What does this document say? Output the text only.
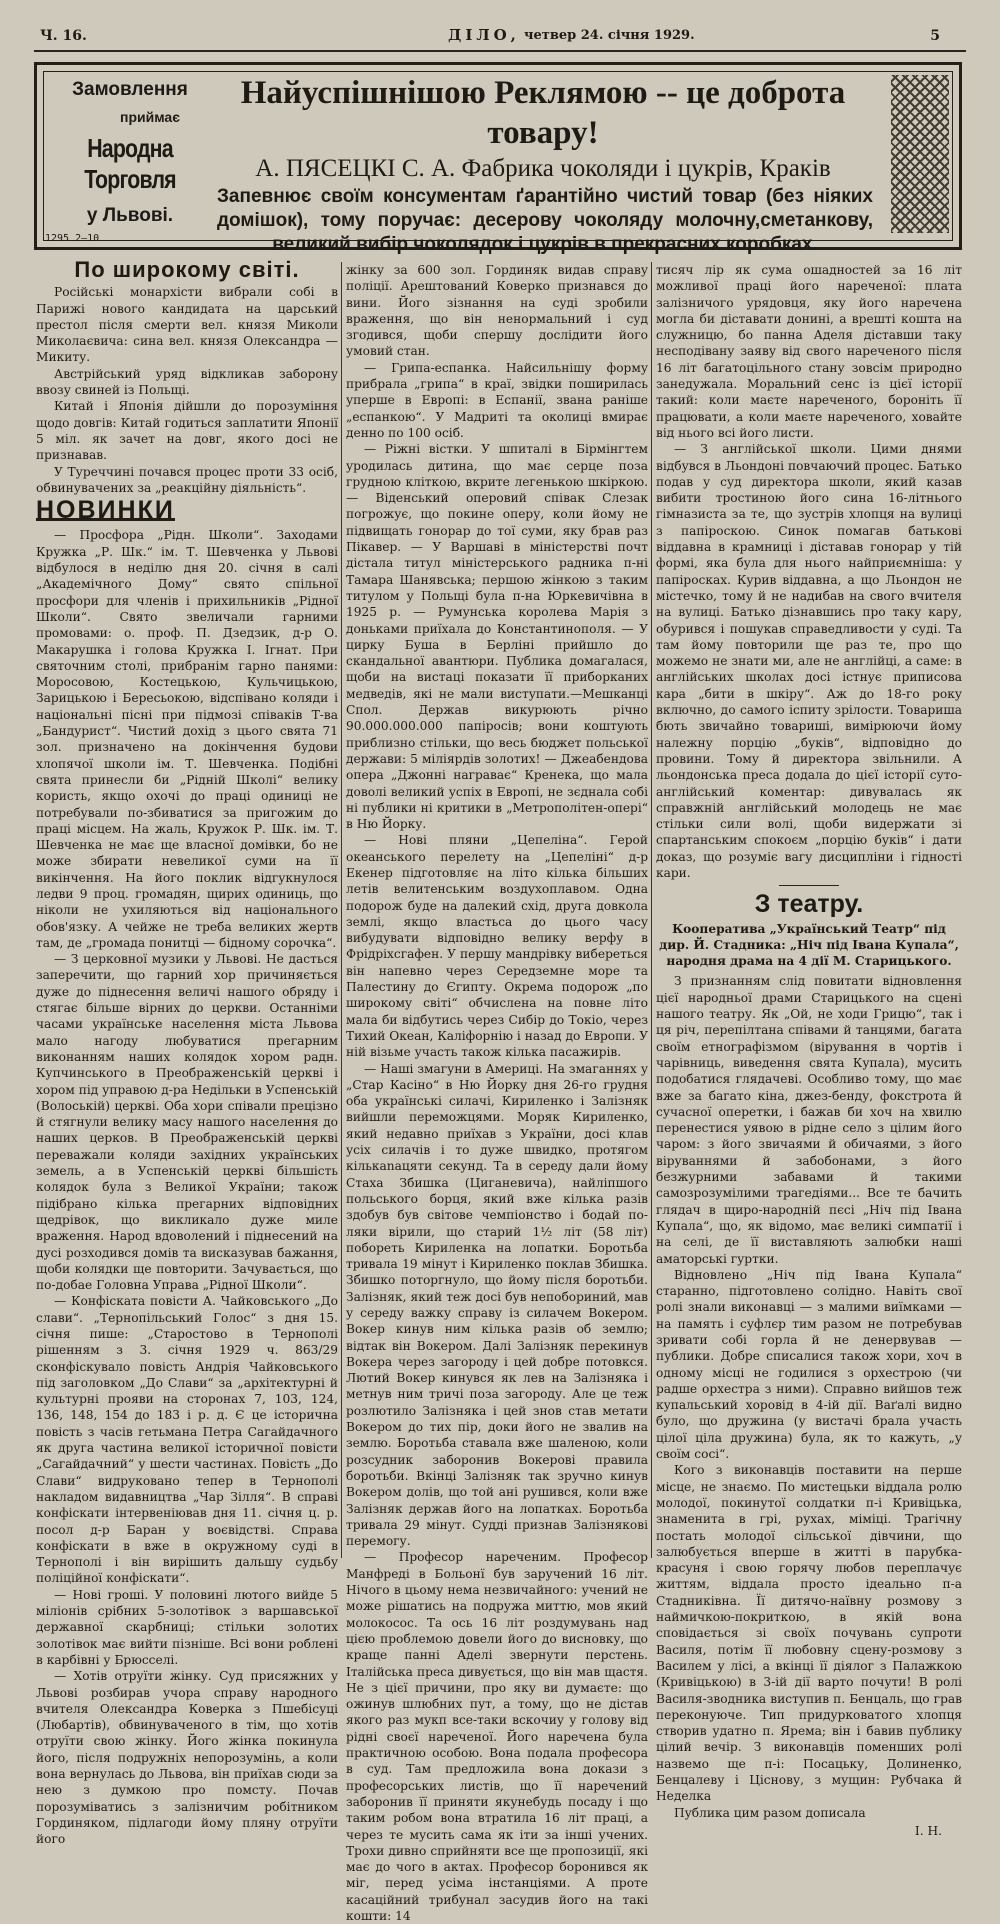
Ч. 16.	ДІЛО, четвер 24. січня 1929.	5
Замовлення
приймає
Народна Торговля
у Львові.
1295 2—10
Найуспішнішою Реклямою -- це доброта товару!
А. ПЯСЕЦКІ С. А. Фабрика чоколяди і цукрів, Краків
Запевнює своїм консументам ґарантійно чистий товар (без ніяких домішок), тому поручає: десерову чоколяду молочну,сметанкову, великий вибір чоколядок і цукрів в прекрасних коробках.
По широкому світі.

Російські монархісти вибрали собі в Парижі нового кандидата на царський престол після смерти вел. князя Миколи Миколаєвича: сина вел. князя Олександра — Микиту.

Австрійський уряд відкликав заборону ввозу свиней із Польщі.

Китай і Японія дійшли до порозуміння щодо довгів: Китай годиться заплатити Японії 5 міл. як зачет на довг, якого досі не признавав.

У Туреччині почався процес проти 33 осіб, обвинувачених за „реакційну діяльність“.

НОВИНКИ

— Просфора „Рідн. Школи“. Заходами Кружка „Р. Шк.“ ім. Т. Шевченка у Львові відбулося в неділю дня 20. січня в салі „Академічного Дому“ свято спільної просфори для членів і прихильників „Рідної Школи“. Свято звеличали гарними промовами: о. проф. П. Дзедзик, д-р О. Макарушка і голова Кружка І. Ігнат. При святочним столі, прибранім гарно панями: Моросовою, Костецькою, Кульчицькою, Зарицькою і Бересьокою, відспівано коляди і національні пісні при підмозі співаків Т-ва „Бандурист“. Чистий дохід з цього свята 71 зол. призначено на докінчення будови хлопячої школи ім. Т. Шевченка. Подібні свята принесли би „Рідній Школі“ велику користь, якщо охочі до праці одиниці не потребували по-збиватися за пригожим до праці місцем. На жаль, Кружок Р. Шк. ім. Т. Шевченка не має ще власної домівки, бо не може збирати невеликої суми на її викінчення. На його поклик відгукнулося ледви 9 проц. громадян, щирих одиниць, що ніколи не ухиляються від національного обов'язку. А чейже не треба великих жертв там, де „громада понитці — бідному сорочка“.

— З церковної музики у Львові. Не дасться заперечити, що гарний хор причиняється дуже до піднесення величі нашого обряду і стягає більше вірних до церкви. Останніми часами українське населення міста Львова мало нагоду любуватися прегарним виконанням наших колядок хором радн. Купчинського в Преображенській церкві і хором під управою д-ра Недільки в Успенській (Волоській) церкві. Оба хори співали прецізно й стягнули велику масу нашого населення до наших церков. В Преображенській церкві переважали коляди західних українських земель, а в Успенській церкві більшість колядок була з Великої України; також підібрано кілька прегарних відповідних щедрівок, що викликало дуже миле враження. Народ вдоволений і піднесений на дусі розходився домів та висказував бажання, щоби колядки ще повторити. Зачувається, що по-добае Головна Управа „Рідної Школи“.

— Конфіската повісти А. Чайковського „До слави“. „Тернопільський Голос“ з дня 15. січня пише: „Старостово в Тернополі рішенням з 3. січня 1929 ч. 863/29 сконфіскувало повість Андрія Чайковського під заголовком „До Слави“ за „архітектурні й культурні прояви на сторонах 7, 103, 124, 136, 148, 154 до 183 і р. д. Є це історична повість з часів гетьмана Петра Сагайдачного як друга частина великої історичної повісти „Сагайдачний“ у шести частинах. Повість „До Слави“ видруковано тепер в Тернополі накладом видавництва „Чар Зілля“. В справі конфіскати інтервеніював дня 11. січня ц. р. посол д-р Баран у вoєвідстві. Справа конфіскати в вже в окружному суді в Тернополі і він вирішить дальшу судьбу поліційної конфіскати“.

— Нові гроші. У половині лютого вийде 5 міліонів срібних 5-золотівок з варшавської державної скарбниці; стільки золотих золотівок має вийти пізніше. Всі вони роблені в карбівні у Брюсселі.

— Хотів отруїти жінку. Суд присяжних у Львові розбирав учора справу народного вчителя Олександра Коверка з Пшебісуці (Любартів), обвинуваченого в тім, що хотів отруїти свою жінку. Його жінка покинула його, після подружніх непорозумінь, а коли вона вернулась до Львова, він приїхав сюди за нею з думкою про помсту. Почав порозуміватись з залізничим робітником Гординяком, підлагоди йому пляну отруїти його

жінку за 600 зол. Гординяк видав справу поліції. Арештований Коверко признався до вини. Його зізнання на суді зробили враження, що він ненормальний і суд згодився, щоби спершу дослідити його умовий стан.

— Грипа-еспанка. Найсильнішу форму прибрала „грипа“ в краї, звідки поширилась уперше в Европі: в Еспанії, звана раніше „еспанкою“. У Мадриті та околиці вмирає денно по 100 осіб.

— Ріжні вістки. У шпиталі в Бірмінгтем уродилась дитина, що має серце поза грудною кліткою, вкрите легенькою шкіркою. — Віденський оперовий співак Слезак погрожує, що покине оперу, коли йому не підвищать гонорар до тої суми, яку брав раз Пікавер. — У Варшаві в міністерстві почт дістала титул міністерського радника п-ні Тамара Шанявська; першою жінкою з таким титулом у Польщі була п-на Юркевичівна в 1925 р. — Румунська королева Марія з доньками приїхала до Константинополя. — У цирку Буша в Берліні прийшло до скандальної авантюри. Публика домагалася, щоби на вистаці показати її приборканих медведів, які не мали виступати.—Мешканці Спол. Держав викурюють річно 90.000.000.000 папіросів; вони коштують приблизно стільки, що весь бюджет польської держави: 5 міліярдів золотих! — Джеабендова опера „Джонні награває“ Кренека, що мала доволі великий успіх в Европі, не зєднала собі ні публики ні критики в „Метрополітен-опері“ в Ню Йорку.

— Нові пляни „Цепеліна“. Герой океанського перелету на „Цепеліні“ д-р Екенер підготовляє на літо кілька більших летів велитенським воздухоплавом. Одна подорож буде на далекий схід, друга довкола землі, якщо властьса до цього часу вибудувати відповідно велику верфу в Фрідріхсгафен. У першу мандрівку вибереться він напевно через Середземне море та Палестину до Єгипту. Окрема подорож „по широкому світі“ обчислена на повне літо мала би відбутись через Сибір до Токіо, через Тихий Океан, Каліфорнію і назад до Европи. У ній візьме участь також кілька пасажирів.

— Наші змагуни в Америці. На змаганнях у „Стар Касіно“ в Ню Йорку дня 26-го грудня оба українські силачі, Кириленко і Залізняк вийшли переможцями. Моряк Кириленко, який недавно приїхав з України, досі клав усіх силачів і то дуже швидко, протягом кількаnацяти секунд. Та в середу дали йому Стаха Збишка (Циганевича), найліпшого польського борця, який вже кілька разів здобув був світове чемпіонство і бодай по-ляки вірили, що старий 1½ літ (58 літ) побореть Кириленка на лопатки. Боротьба тривала 19 мінут і Кириленко поклав Збишка. Збишко поторгнуло, що йому після боротьби. Залізняк, який теж досі був непобориний, мав у середу важку справу із силачем Вокером. Вокер кинув ним кілька разів об землю; відтак він Вокером. Далі Залізняк перекинув Вокера через загороду і цей добре потовкся. Лютий Вокер кинувся як лев на Залізняка і метнув ним тричі поза загороду. Але це теж розлютило Залізняка і цей знов став метати Вокером до тих пір, доки його не звалив на землю. Боротьба ставала вже шаленою, коли розсудник заборонив Вокерові правила боротьби. Вкінці Залізняк так зручно кинув Вокером долів, що той ані рушився, коли вже Залізняк держав його на лопатках. Боротьба тривала 29 мінут. Судді признав Залізнякові перемогу.

— Професор нареченим. Професор Манфреді в Больонї був заручений 16 літ. Нічого в цьому нема незвичайного: учений не може рішатись на подружа миттю, мов який молокосос. Та ось 16 літ роздумувань над цією проблемою довели його до висновку, що краще панні Аделі звернути перстень. Італійська преса дивується, що він мав щастя. Не з цієї причини, про яку ви думаєте: що ожинув шлюбних пут, а тому, що не дістав якого раз мукп все-таки вскочиу у голову від рідні своєї нареченої. Його наречена була практичною особою. Вона подала професора в суд. Там предложила вона докази з професорських листів, що її наречений заборонив її приняти якунебудь посаду і що таким робом вона втратила 16 літ праці, а через те мусить сама як іти за інші учених. Трохи дивно сприйняти все ще пропозиції, які має до чого в актах. Професор боронився як міг, перед усіма інстанціями. А проте касаційний трибунал засудив його на такі кошти: 14

тисяч лір як сума ошадностей за 16 літ можливої праці його нареченої: плата залізничого урядовця, яку його наречена могла би діставати донині, а врешті кошта на служницю, бо панна Аделя діставши таку несподівану заяву від свого нареченого після 16 літ багатоцільного стану зовсім природно занедужала. Моральний сенс із цієї історії такий: коли маєте нареченого, бороніть її працювати, а коли маєте нареченого, ховайте від нього всі його листи.

— З англійської школи. Цими днями відбувся в Льондоні повчаючий процес. Батько подав у суд директора школи, який казав вибити тростиною його сина 16-літнього гімназиста за те, що зустрів хлопця на вулиці з папіроскою. Синок помагав батькові віддавна в крамниці і діставав гонорар у тій формі, яка була для нього найприємніша: у папіросках. Курив віддавна, а що Льондон не містечко, тому й не надибав на свого вчителя на вулиці. Батько дізнавшись про таку кару, обурився і пошукав справедливости у суді. Та там йому повторили ще раз те, про що можемо не знати ми, але не англійці, а саме: в англійських школах досі істнує приписова кара „бити в шкіру“. Аж до 18-го року включно, до самого іспиту зрілости. Товариша бють звичайно товариші, вимірюючи йому належну порцію „буків“, відповідно до провини. Тому й директора звільнили. А льондонська преса додала до цієї історії суто-англійський коментар: дивувалась як справжній англійський молодець не має стільки сили волі, щоби видержати зі спартанським спокоєм „порцію буків“ і дати доказ, що розуміє вагу дисципліни і гідності кари.

З театру.
Кооператива „Український Театр“ під дир. Й. Стадника: „Ніч під Івана Купала“, народня драма на 4 дії М. Старицького.

З признанням слід повитати відновлення цієї народньої драми Старицького на сцені нашого театру. Як „Ой, не ходи Грицю“, так і ця річ, перепілтана співами й танцями, багата своїм етнографізмом (вірування в чортів і чарівниць, виведення свята Купала), мусить подобатися глядачеві. Особливо тому, що має вже за багато кіна, джез-бенду, фокстрота й сучасної оперетки, і бажав би хоч на хвилю перенестися уявою в рідне село з цілим його чаром: з його звичаями й обичаями, з його віруваннями й забобонами, з його безжурними забавами й такими самозрозумілими трагедіями... Все те бачить глядач в щиро-народній пєсі „Ніч під Івана Купала“, що, як відомо, має великі симпатії і на селі, де її виставляють залюбки наші аматорські гуртки.

Відновлено „Ніч під Івана Купала“ старанно, підготовлено солідно. Навіть свої ролі знали виконавці — з малими виїмками — на память і суфлєр тим разом не потребував зривати собі горла й не денервував — публики. Добре списалися також хори, хоч в одному місці не годилися з орхестрою (чи радше орхестра з ними). Справно вийшов теж купальський хоровід в 4-ій дії. Ваґалі видно було, що дружина (у вистачі брала участь цілої ціла дружина) була, як то кажуть, „у своїм сосі“.

Кого з виконавців поставити на перше місце, не знаємо. По мистецьки віддала ролю молодої, покинутої солдатки п-і Кривіцька, знаменита в грі, рухах, міміці. Трагічну постать молодої сільської дівчини, що залюбується вперше в житті в парубка-красуня і свою горячу любов переплачує життям, віддала просто ідеально п-а Стадниківна. Її дитячо-наївну розмову з наймичкою-покриткою, в якій вона сповідається зі своїх почувань супроти Василя, потім її любовну сцену-розмову з Василем у лісі, а вкінці її діялог з Палажкою (Кривіцькою) в 3-ій дії варто почути! В ролі Василя-зводника виступив п. Бенцаль, що грав переконуюче. Тип придурковатого хлопця створив удатно п. Ярема; він і бавив публику цілий вечір. З виконавців поменших ролі назвемо ще п-і: Посацьку, Долиненко, Бенцалеву і Ціснову, з мущин: Рубчака й Неделка

Публика цим разом дописала

І. Н.
